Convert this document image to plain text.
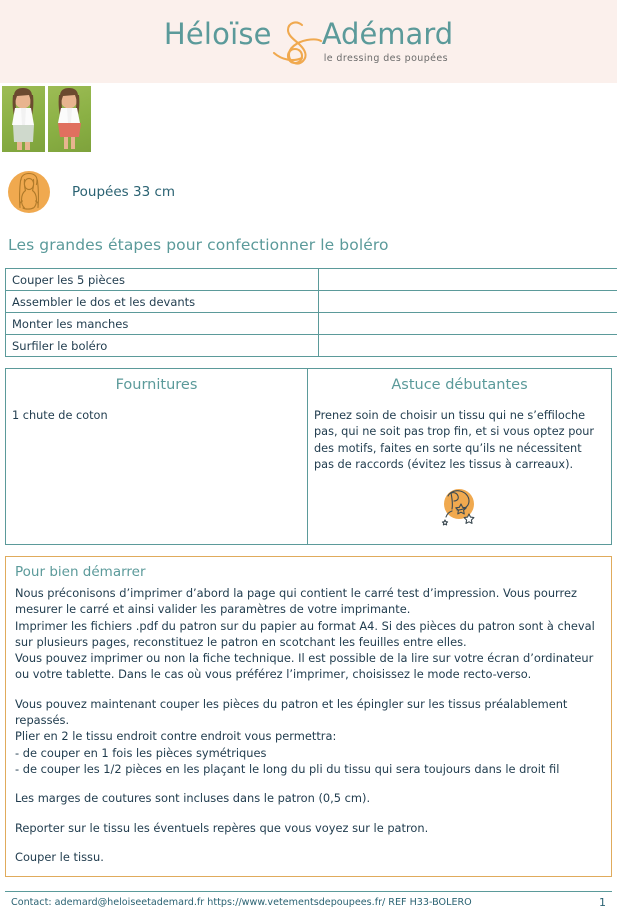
Héloïse Adémard
le dressing des poupées
Poupées 33 cm
Les grandes étapes pour confectionner le boléro
Couper les 5 pièces	
Assembler le dos et les devants	
Monter les manches	
Surfiler le boléro	
Fournitures
1 chute de coton

Astuce débutantes
Prenez soin de choisir un tissu qui ne s’effiloche pas, qui ne soit pas trop fin, et si vous optez pour des motifs, faites en sorte qu’ils ne nécessitent pas de raccords (évitez les tissus à carreaux).
Pour bien démarrer

Nous préconisons d’imprimer d’abord la page qui contient le carré test d’impression. Vous pourrez mesurer le carré et ainsi valider les paramètres de votre imprimante.

Imprimer les fichiers .pdf du patron sur du papier au format A4. Si des pièces du patron sont à cheval sur plusieurs pages, reconstituez le patron en scotchant les feuilles entre elles.

Vous pouvez imprimer ou non la fiche technique. Il est possible de la lire sur votre écran d’ordinateur ou votre tablette. Dans le cas où vous préférez l’imprimer, choisissez le mode recto-verso.

Vous pouvez maintenant couper les pièces du patron et les épingler sur les tissus préalablement repassés.

Plier en 2 le tissu endroit contre endroit vous permettra:

- de couper en 1 fois les pièces symétriques

- de couper les 1/2 pièces en les plaçant le long du pli du tissu qui sera toujours dans le droit fil

Les marges de coutures sont incluses dans le patron (0,5 cm).

Reporter sur le tissu les éventuels repères que vous voyez sur le patron.

Couper le tissu.

Contact: ademard@heloiseetademard.fr https://www.vetementsdepoupees.fr/ REF H33-BOLERO	1
